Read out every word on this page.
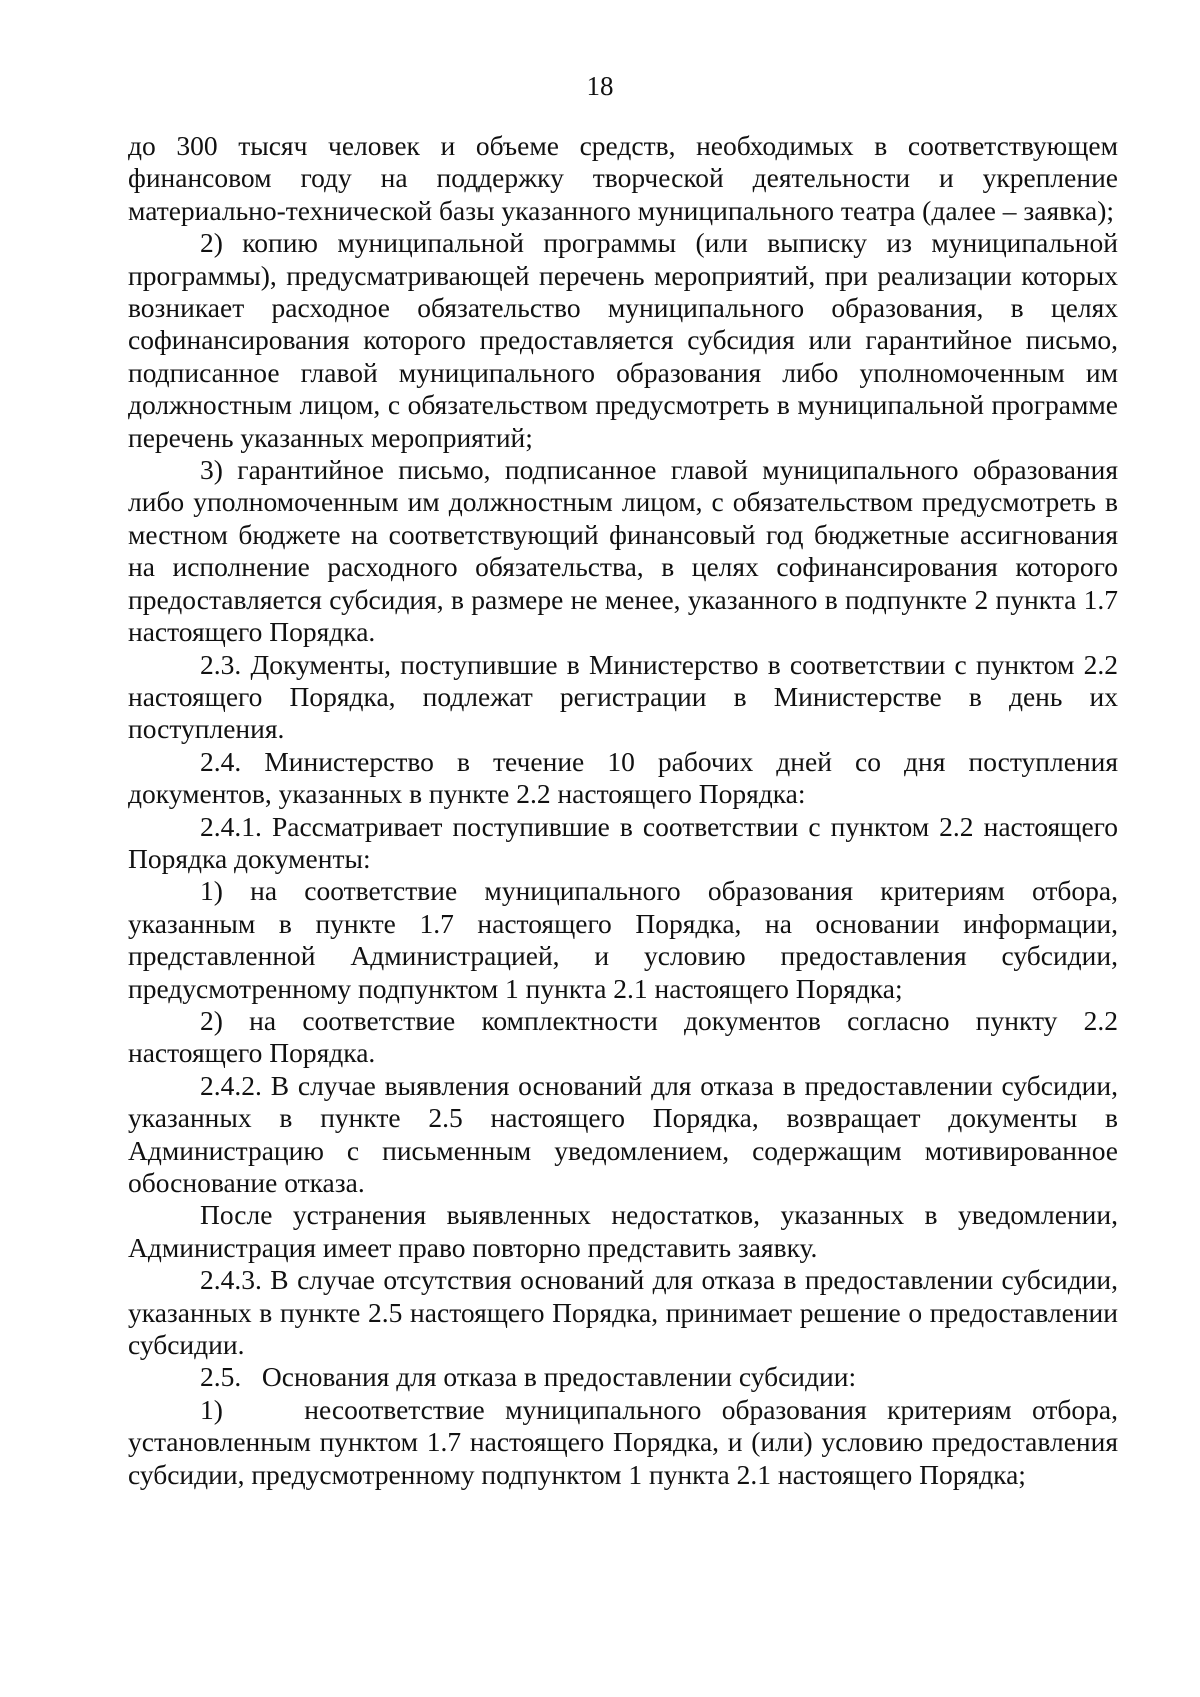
18

до 300 тысяч человек и объеме средств, необходимых в соответствующем финансовом году на поддержку творческой деятельности и укрепление материально-технической базы указанного муниципального театра (далее – заявка);

2) копию муниципальной программы (или выписку из муниципальной программы), предусматривающей перечень мероприятий, при реализации которых возникает расходное обязательство муниципального образования, в целях софинансирования которого предоставляется субсидия или гарантийное письмо, подписанное главой муниципального образования либо уполномоченным им должностным лицом, с обязательством предусмотреть в муниципальной программе перечень указанных мероприятий;

3) гарантийное письмо, подписанное главой муниципального образования либо уполномоченным им должностным лицом, с обязательством предусмотреть в местном бюджете на соответствующий финансовый год бюджетные ассигнования на исполнение расходного обязательства, в целях софинансирования которого предоставляется субсидия, в размере не менее, указанного в подпункте 2 пункта 1.7 настоящего Порядка.

2.3. Документы, поступившие в Министерство в соответствии с пунктом 2.2 настоящего Порядка, подлежат регистрации в Министерстве в день их поступления.

2.4. Министерство в течение 10 рабочих дней со дня поступления документов, указанных в пункте 2.2 настоящего Порядка:

2.4.1. Рассматривает поступившие в соответствии с пунктом 2.2 настоящего Порядка документы:

1) на соответствие муниципального образования критериям отбора, указанным в пункте 1.7 настоящего Порядка, на основании информации, представленной Администрацией, и условию предоставления субсидии, предусмотренному подпунктом 1 пункта 2.1 настоящего Порядка;

2) на соответствие комплектности документов согласно пункту 2.2 настоящего Порядка.

2.4.2. В случае выявления оснований для отказа в предоставлении субсидии, указанных в пункте 2.5 настоящего Порядка, возвращает документы в Администрацию с письменным уведомлением, содержащим мотивированное обоснование отказа.

После устранения выявленных недостатков, указанных в уведомлении, Администрация имеет право повторно представить заявку.

2.4.3. В случае отсутствия оснований для отказа в предоставлении субсидии, указанных в пункте 2.5 настоящего Порядка, принимает решение о предоставлении субсидии.

2.5.   Основания для отказа в предоставлении субсидии:

1)    несоответствие муниципального образования критериям отбора, установленным пунктом 1.7 настоящего Порядка, и (или) условию предоставления субсидии, предусмотренному подпунктом 1 пункта 2.1 настоящего Порядка;
